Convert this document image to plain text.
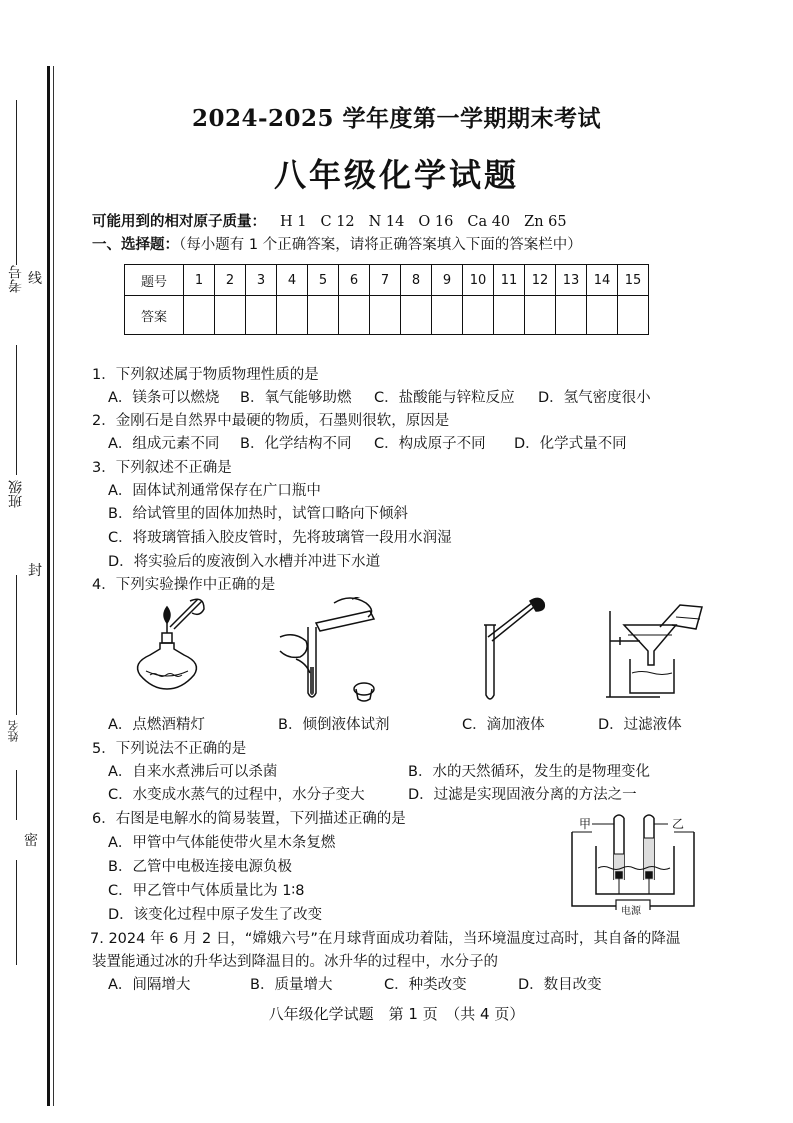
考号 线
班级
封
姓名
密
2024-2025 学年度第一学期期末考试
八年级化学试题
可能用到的相对原子质量： H 1 C 12 N 14 O 16 Ca 40 Zn 65
一、选择题：（每小题有 1 个正确答案，请将正确答案填入下面的答案栏中）
题号	1	2	3	4	5	6	7	8	9	10	11	12	13	14	15
答案															
1．下列叙述属于物质物理性质的是
A．镁条可以燃烧 B．氧气能够助燃 C．盐酸能与锌粒反应 D．氢气密度很小
2．金刚石是自然界中最硬的物质，石墨则很软，原因是
A．组成元素不同 B．化学结构不同 C．构成原子不同 D．化学式量不同
3．下列叙述不正确是
A．固体试剂通常保存在广口瓶中
B．给试管里的固体加热时，试管口略向下倾斜
C．将玻璃管插入胶皮管时，先将玻璃管一段用水润湿
D．将实验后的废液倒入水槽并冲进下水道
4．下列实验操作中正确的是
A．点燃酒精灯	B．倾倒液体试剂	C．滴加液体	D．过滤液体
5．下列说法不正确的是
A．自来水煮沸后可以杀菌	B．水的天然循环，发生的是物理变化
C．水变成水蒸气的过程中，水分子变大	D．过滤是实现固液分离的方法之一
6．右图是电解水的简易装置，下列描述正确的是
A．甲管中气体能使带火星木条复燃
B．乙管中电极连接电源负极
C．甲乙管中气体质量比为 1∶8
D．该变化过程中原子发生了改变
甲	乙
电源
7. 2024 年 6 月 2 日，“嫦娥六号”在月球背面成功着陆，当环境温度过高时，其自备的降温
装置能通过冰的升华达到降温目的。冰升华的过程中，水分子的
A．间隔增大	B．质量增大	C．种类改变	D．数目改变
八年级化学试题　第 1 页　（共 4 页）
